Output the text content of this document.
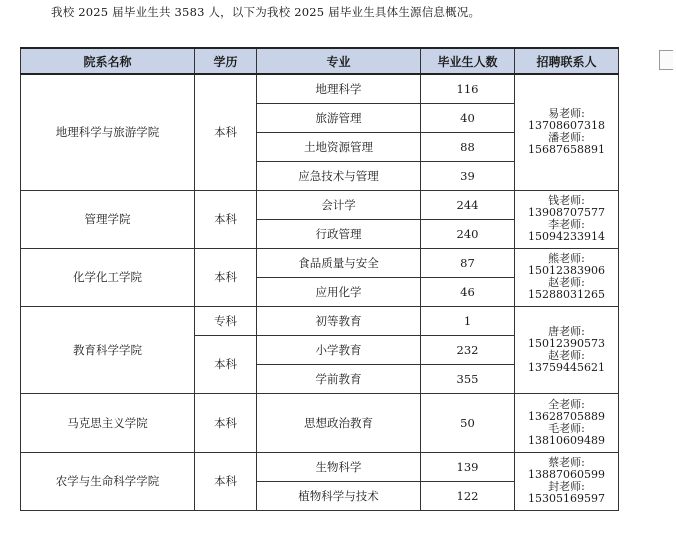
我校 2025 届毕业生共 3583 人，以下为我校 2025 届毕业生具体生源信息概况。
院系名称	学历	专业	毕业生人数	招聘联系人
地理科学与旅游学院	本科	地理科学	116	易老师:
13708607318
潘老师:
15687658891

		旅游管理	40	
		土地资源管理	88	
		应急技术与管理	39	
管理学院	本科	会计学	244	钱老师:
13908707577
李老师:
15094233914

		行政管理	240	
化学化工学院	本科	食品质量与安全	87	熊老师:
15012383906
赵老师:
15288031265

		应用化学	46	
教育科学学院	专科	初等教育	1	唐老师:
15012390573
赵老师:
13759445621

	本科	小学教育	232	
		学前教育	355	
马克思主义学院	本科	思想政治教育	50	全老师:
13628705889
毛老师:
13810609489

农学与生命科学学院	本科	生物科学	139	蔡老师:
13887060599
封老师:
15305169597

		植物科学与技术	122	
